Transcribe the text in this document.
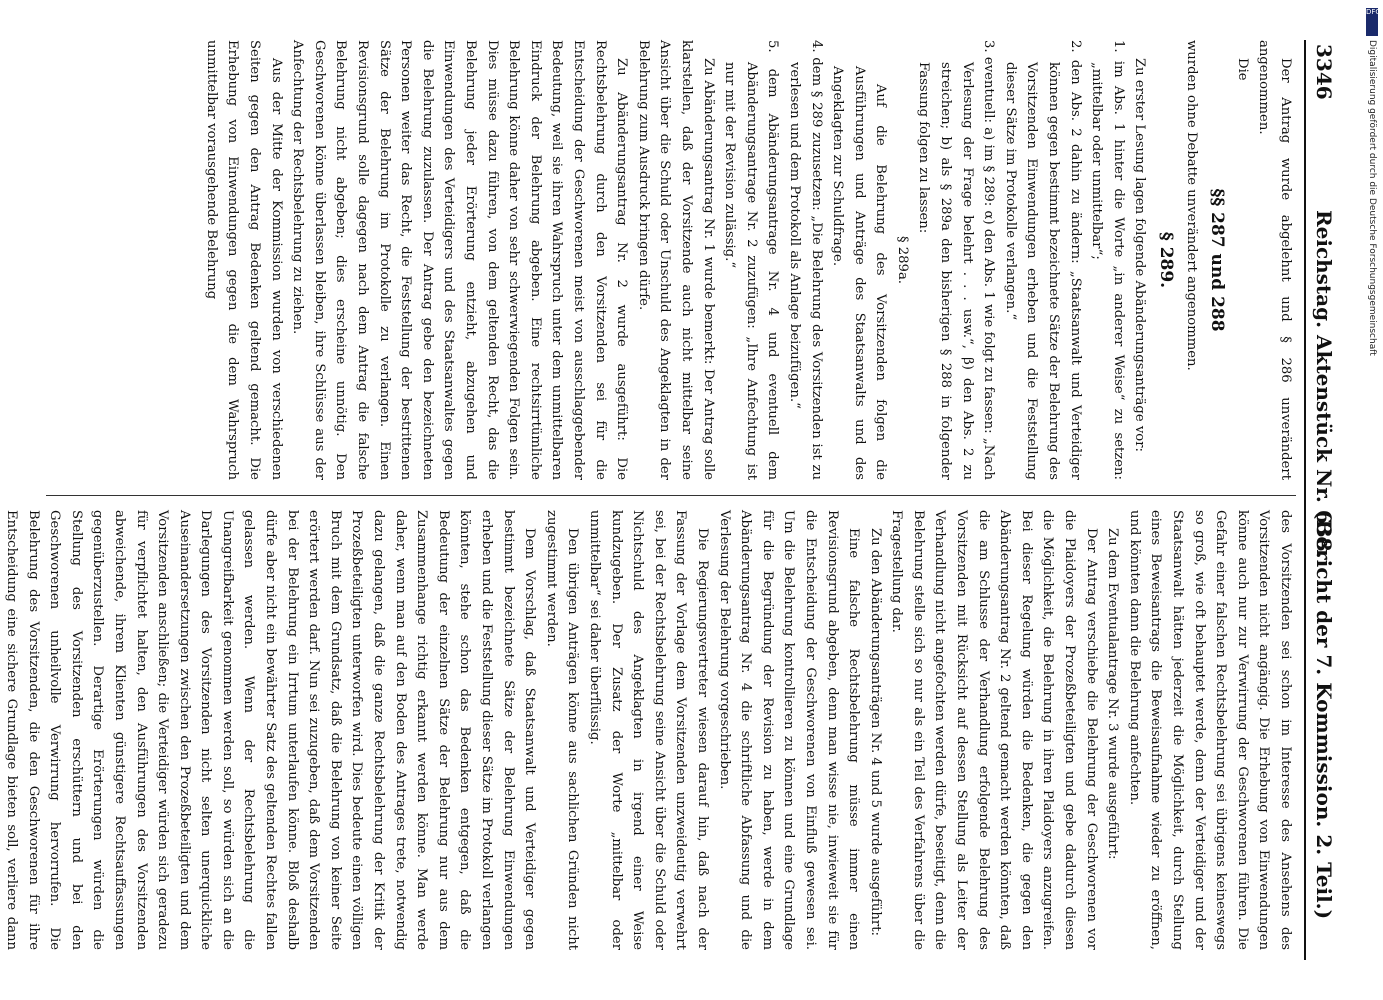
3346
Reichstag. Aktenstück Nr. 638.
(Bericht der 7. Kommission. 2. Teil.)

Der Antrag wurde abgelehnt und § 286 unverändert angenommen.

Die

§§ 287 und 288

wurden ohne Debatte unverändert angenommen.

§ 289.

Zu erster Lesung lagen folgende Abänderungsanträge vor:

1. im Abs. 1 hinter die Worte „in anderer Weise“ zu setzen: „mittelbar oder unmittelbar“;

2. den Abs. 2 dahin zu ändern: „Staatsanwalt und Verteidiger können gegen bestimmt bezeichnete Sätze der Belehrung des Vorsitzenden Einwendungen erheben und die Feststellung dieser Sätze im Protokolle verlangen.“

3. eventuell: a) im § 289: α) den Abs. 1 wie folgt zu fassen: „Nach Verlesung der Frage belehrt . . . usw.“, β) den Abs. 2 zu streichen; b) als § 289a den bisherigen § 288 in folgender Fassung folgen zu lassen:

§ 289a.

Auf die Belehrung des Vorsitzenden folgen die Ausführungen und Anträge des Staatsanwalts und des Angeklagten zur Schuldfrage.

4. dem § 289 zuzusetzen: „Die Belehrung des Vorsitzenden ist zu verlesen und dem Protokoll als Anlage beizufügen.“

5. dem Abänderungsantrage Nr. 4 und eventuell dem Abänderungsantrage Nr. 2 zuzufügen: „Ihre Anfechtung ist nur mit der Revision zulässig.“

Zu Abänderungsantrag Nr. 1 wurde bemerkt: Der Antrag solle klarstellen, daß der Vorsitzende auch nicht mittelbar seine Ansicht über die Schuld oder Unschuld des Angeklagten in der Belehrung zum Ausdruck bringen dürfe.

Zu Abänderungsantrag Nr. 2 wurde ausgeführt: Die Rechtsbelehrung durch den Vorsitzenden sei für die Entscheidung der Geschworenen meist von ausschlaggebender Bedeutung, weil sie ihren Wahrspruch unter dem unmittelbaren Eindruck der Belehrung abgeben. Eine rechtsirrtümliche Belehrung könne daher von sehr schwerwiegenden Folgen sein. Dies müsse dazu führen, von dem geltenden Recht, das die Belehrung jeder Erörterung entzieht, abzugehen und Einwendungen des Verteidigers und des Staatsanwaltes gegen die Belehrung zuzulassen. Der Antrag gebe den bezeichneten Personen weiter das Recht, die Feststellung der bestrittenen Sätze der Belehrung im Protokolle zu verlangen. Einen Revisionsgrund solle dagegen nach dem Antrag die falsche Belehrung nicht abgeben; dies erscheine unnötig. Den Geschworenen könne überlassen bleiben, ihre Schlüsse aus der Anfechtung der Rechtsbelehrung zu ziehen.

Aus der Mitte der Kommission wurden von verschiedenen Seiten gegen den Antrag Bedenken geltend gemacht. Die Erhebung von Einwendungen gegen die dem Wahrspruch unmittelbar vorausgehende Belehrung

des Vorsitzenden sei schon im Interesse des Ansehens des Vorsitzenden nicht angängig. Die Erhebung von Einwendungen könne auch nur zur Verwirrung der Geschworenen führen. Die Gefahr einer falschen Rechtsbelehrung sei übrigens keineswegs so groß, wie oft behauptet werde, denn der Verteidiger und der Staatsanwalt hätten jederzeit die Möglichkeit, durch Stellung eines Beweisantrags die Beweisaufnahme wieder zu eröffnen, und könnten dann die Belehrung anfechten.

Zu dem Eventualantrage Nr. 3 wurde ausgeführt:

Der Antrag verschiebe die Belehrung der Geschworenen vor die Plaidoyers der Prozeßbeteiligten und gebe dadurch diesen die Möglichkeit, die Belehrung in ihren Plaidoyers anzugreifen. Bei dieser Regelung würden die Bedenken, die gegen den Abänderungsantrag Nr. 2 geltend gemacht werden könnten, daß die am Schlusse der Verhandlung erfolgende Belehrung des Vorsitzenden mit Rücksicht auf dessen Stellung als Leiter der Verhandlung nicht angefochten werden dürfe, beseitigt, denn die Belehrung stelle sich so nur als ein Teil des Verfahrens über die Fragestellung dar.

Zu den Abänderungsanträgen Nr. 4 und 5 wurde ausgeführt:

Eine falsche Rechtsbelehrung müsse immer einen Revisionsgrund abgeben, denn man wisse nie, inwieweit sie für die Entscheidung der Geschworenen von Einfluß gewesen sei. Um die Belehrung kontrollieren zu können und eine Grundlage für die Begründung der Revision zu haben, werde in dem Abänderungsantrag Nr. 4 die schriftliche Abfassung und die Verlesung der Belehrung vorgeschrieben.

Die Regierungsvertreter wiesen darauf hin, daß nach der Fassung der Vorlage dem Vorsitzenden unzweideutig verwehrt sei, bei der Rechtsbelehrung seine Ansicht über die Schuld oder Nichtschuld des Angeklagten in irgend einer Weise kundzugeben. Der Zusatz der Worte „mittelbar oder unmittelbar“ sei daher überflüssig.

Den übrigen Anträgen könne aus sachlichen Gründen nicht zugestimmt werden.

Dem Vorschlag, daß Staatsanwalt und Verteidiger gegen bestimmt bezeichnete Sätze der Belehrung Einwendungen erheben und die Feststellung dieser Sätze im Protokoll verlangen könnten, stehe schon das Bedenken entgegen, daß die Bedeutung der einzelnen Sätze der Belehrung nur aus dem Zusammenhange richtig erkannt werden könne. Man werde daher, wenn man auf den Boden des Antrages trete, notwendig dazu gelangen, daß die ganze Rechtsbelehrung der Kritik der Prozeßbeteiligten unterworfen wird. Dies bedeute einen völligen Bruch mit dem Grundsatz, daß die Belehrung von keiner Seite erörtert werden darf. Nun sei zuzugeben, daß dem Vorsitzenden bei der Belehrung ein Irrtum unterlaufen könne. Bloß deshalb dürfe aber nicht ein bewährter Satz des geltenden Rechtes fallen gelassen werden. Wenn der Rechtsbelehrung die Unangreifbarkeit genommen werden soll, so würden sich an die Darlegungen des Vorsitzenden nicht selten unerquickliche Auseinandersetzungen zwischen den Prozeßbeteiligten und dem Vorsitzenden anschließen; die Verteidiger würden sich geradezu für verpflichtet halten, den Ausführungen des Vorsitzenden abweichende, ihrem Klienten günstigere Rechtsauffassungen gegenüberzustellen. Derartige Erörterungen würden die Stellung des Vorsitzenden erschüttern und bei den Geschworenen unheilvolle Verwirrung hervorrufen. Die Belehrung des Vorsitzenden, die den Geschworenen für ihre Entscheidung eine sichere Grundlage bieten soll, verliere dann

DFG
Digitalisierung gefördert durch die Deutsche Forschungsgemeinschaft
